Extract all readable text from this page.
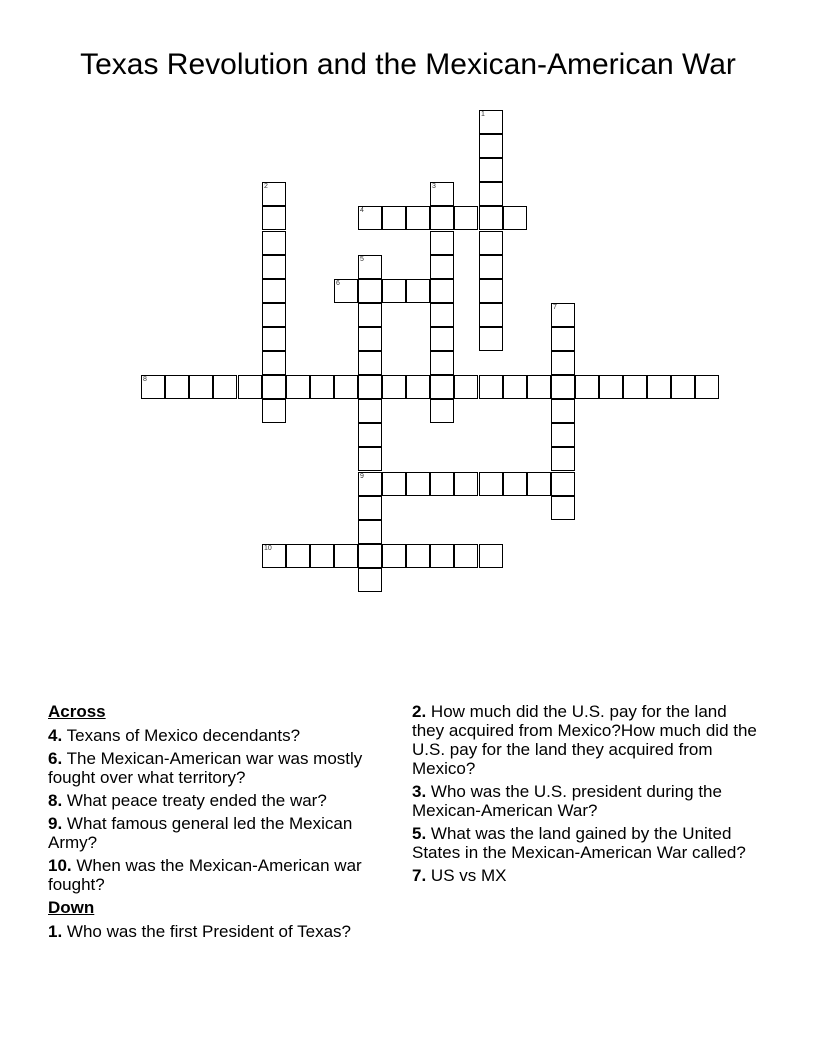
Texas Revolution and the Mexican-American War
1
2	3
4
5
9
6
7
8
10
Across
4. Texans of Mexico decendants?
6. The Mexican-American war was mostly fought over what territory?
8. What peace treaty ended the war?
9. What famous general led the Mexican Army?
10. When was the Mexican-American war fought?
Down
1. Who was the first President of Texas?
2. How much did the U.S. pay for the land they acquired from Mexico?How much did the U.S. pay for the land they acquired from Mexico?
3. Who was the U.S. president during the Mexican-American War?
5. What was the land gained by the United States in the Mexican-American War called?
7. US vs MX
